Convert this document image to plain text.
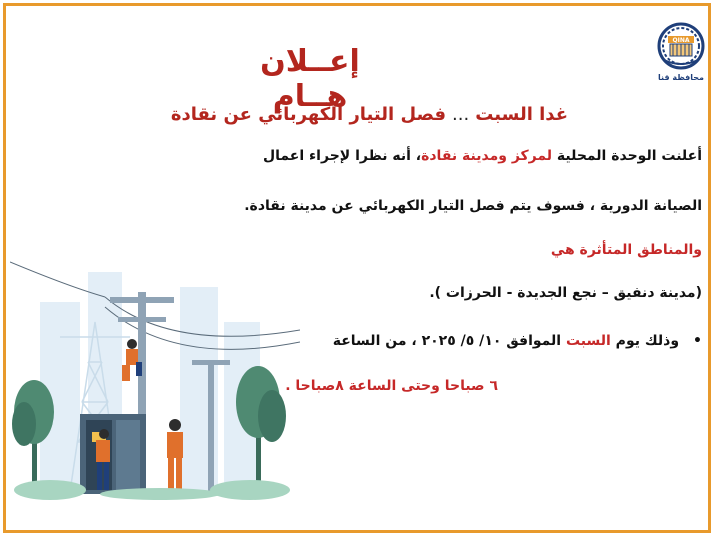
QINA
محافظة قنا
إعــلان هــام
غدا السبت...فصل التيار الكهربائي عن نقادة
أعلنت الوحدة المحلية لمركز ومدينة نقادة، أنه نظرا لإجراء اعمال
الصيانة الدورية ، فسوف يتم فصل التيار الكهربائي عن مدينة نقادة.
والمناطق المتأثرة هي
(مدينة دنفيق – نجع الجديدة - الحرزات ).
•وذلك يوم السبت الموافق ١٠/ ٥/ ٢٠٢٥ ، من الساعة
٦ صباحا وحتى الساعة ٨صباحا .
